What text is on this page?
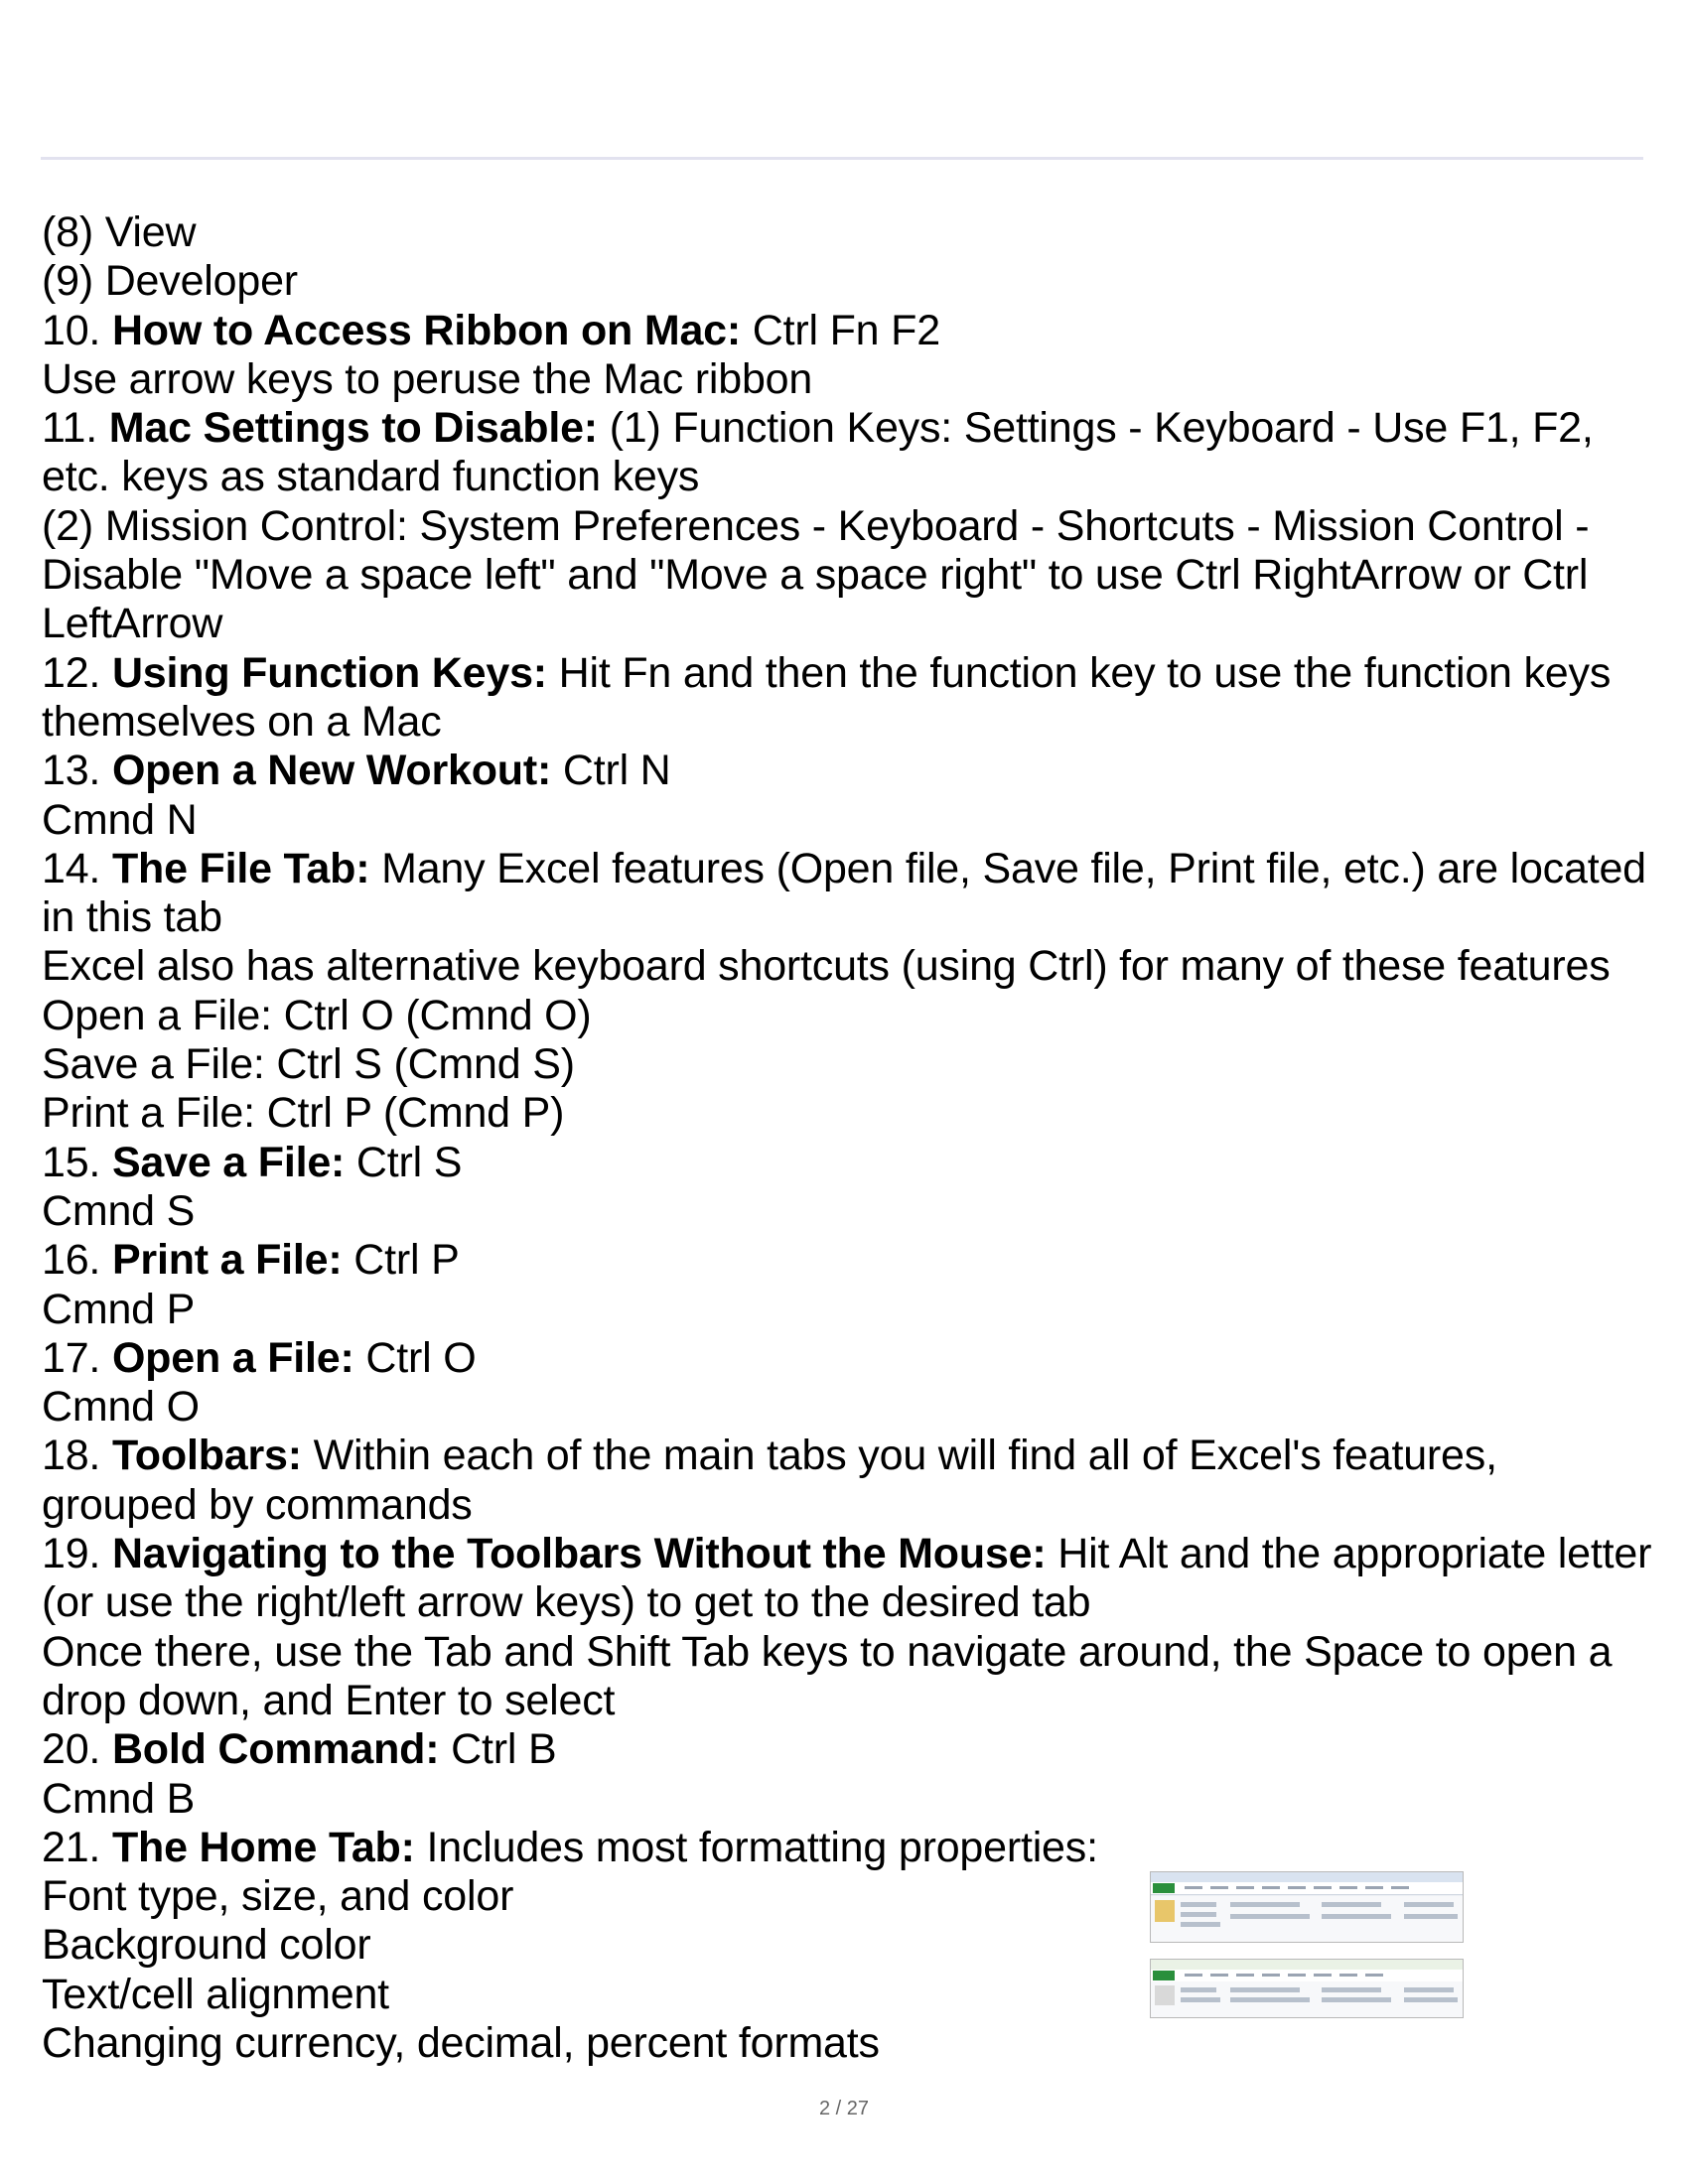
(8) View
(9) Developer
10. How to Access Ribbon on Mac: Ctrl Fn F2
Use arrow keys to peruse the Mac ribbon
11. Mac Settings to Disable: (1) Function Keys: Settings - Keyboard - Use F1, F2, etc. keys as standard function keys
(2) Mission Control: System Preferences - Keyboard - Shortcuts - Mission Control - Disable "Move a space left" and "Move a space right" to use Ctrl RightArrow or Ctrl LeftArrow
12. Using Function Keys: Hit Fn and then the function key to use the function keys themselves on a Mac
13. Open a New Workout: Ctrl N
Cmnd N
14. The File Tab: Many Excel features (Open file, Save file, Print file, etc.) are located in this tab
Excel also has alternative keyboard shortcuts (using Ctrl) for many of these features
Open a File: Ctrl O (Cmnd O)
Save a File: Ctrl S (Cmnd S)
Print a File: Ctrl P (Cmnd P)
15. Save a File: Ctrl S
Cmnd S
16. Print a File: Ctrl P
Cmnd P
17. Open a File: Ctrl O
Cmnd O
18. Toolbars: Within each of the main tabs you will find all of Excel's features, grouped by commands
19. Navigating to the Toolbars Without the Mouse: Hit Alt and the appropriate letter (or use the right/left arrow keys) to get to the desired tab
Once there, use the Tab and Shift Tab keys to navigate around, the Space to open a drop down, and Enter to select
20. Bold Command: Ctrl B
Cmnd B
21. The Home Tab: Includes most formatting properties:
Font type, size, and color
Background color
Text/cell alignment
Changing currency, decimal, percent formats
2 / 27
